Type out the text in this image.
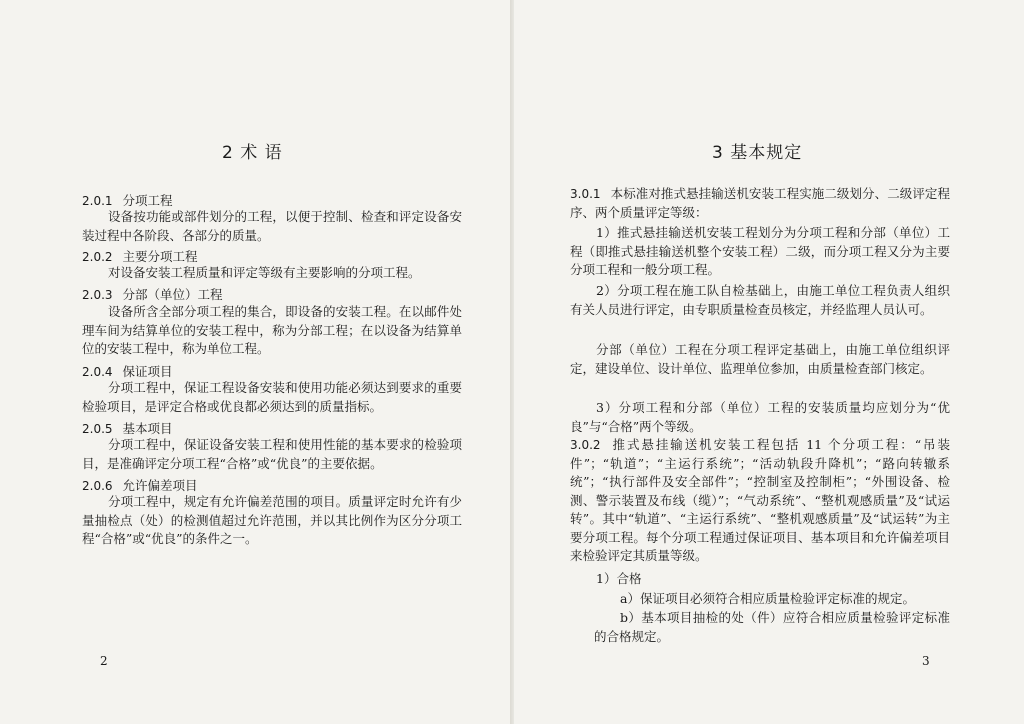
2 术 语
2.0.1 分项工程
设备按功能或部件划分的工程，以便于控制、检查和评定设备安装过程中各阶段、各部分的质量。
2.0.2 主要分项工程
对设备安装工程质量和评定等级有主要影响的分项工程。
2.0.3 分部（单位）工程
设备所含全部分项工程的集合，即设备的安装工程。在以邮件处理车间为结算单位的安装工程中，称为分部工程；在以设备为结算单位的安装工程中，称为单位工程。
2.0.4 保证项目
分项工程中，保证工程设备安装和使用功能必须达到要求的重要检验项目，是评定合格或优良都必须达到的质量指标。
2.0.5 基本项目
分项工程中，保证设备安装工程和使用性能的基本要求的检验项目，是准确评定分项工程“合格”或“优良”的主要依据。
2.0.6 允许偏差项目
分项工程中，规定有允许偏差范围的项目。质量评定时允许有少量抽检点（处）的检测值超过允许范围，并以其比例作为区分分项工程“合格”或“优良”的条件之一。
2
3 基本规定
3.0.1 本标准对推式悬挂输送机安装工程实施二级划分、二级评定程序、两个质量评定等级：
1）推式悬挂输送机安装工程划分为分项工程和分部（单位）工程（即推式悬挂输送机整个安装工程）二级，而分项工程又分为主要分项工程和一般分项工程。
2）分项工程在施工队自检基础上，由施工单位工程负责人组织有关人员进行评定，由专职质量检查员核定，并经监理人员认可。
分部（单位）工程在分项工程评定基础上，由施工单位组织评定，建设单位、设计单位、监理单位参加，由质量检查部门核定。
3）分项工程和分部（单位）工程的安装质量均应划分为“优良”与“合格”两个等级。
3.0.2 推式悬挂输送机安装工程包括 11 个分项工程：“吊装件”；“轨道”；“主运行系统”；“活动轨段升降机”；“路向转辙系统”；“执行部件及安全部件”；“控制室及控制柜”；“外围设备、检测、警示装置及布线（缆）”；“气动系统”、“整机观感质量”及“试运转”。其中“轨道”、“主运行系统”、“整机观感质量”及“试运转”为主要分项工程。每个分项工程通过保证项目、基本项目和允许偏差项目来检验评定其质量等级。
1）合格
a）保证项目必须符合相应质量检验评定标准的规定。
b）基本项目抽检的处（件）应符合相应质量检验评定标准的合格规定。
3
